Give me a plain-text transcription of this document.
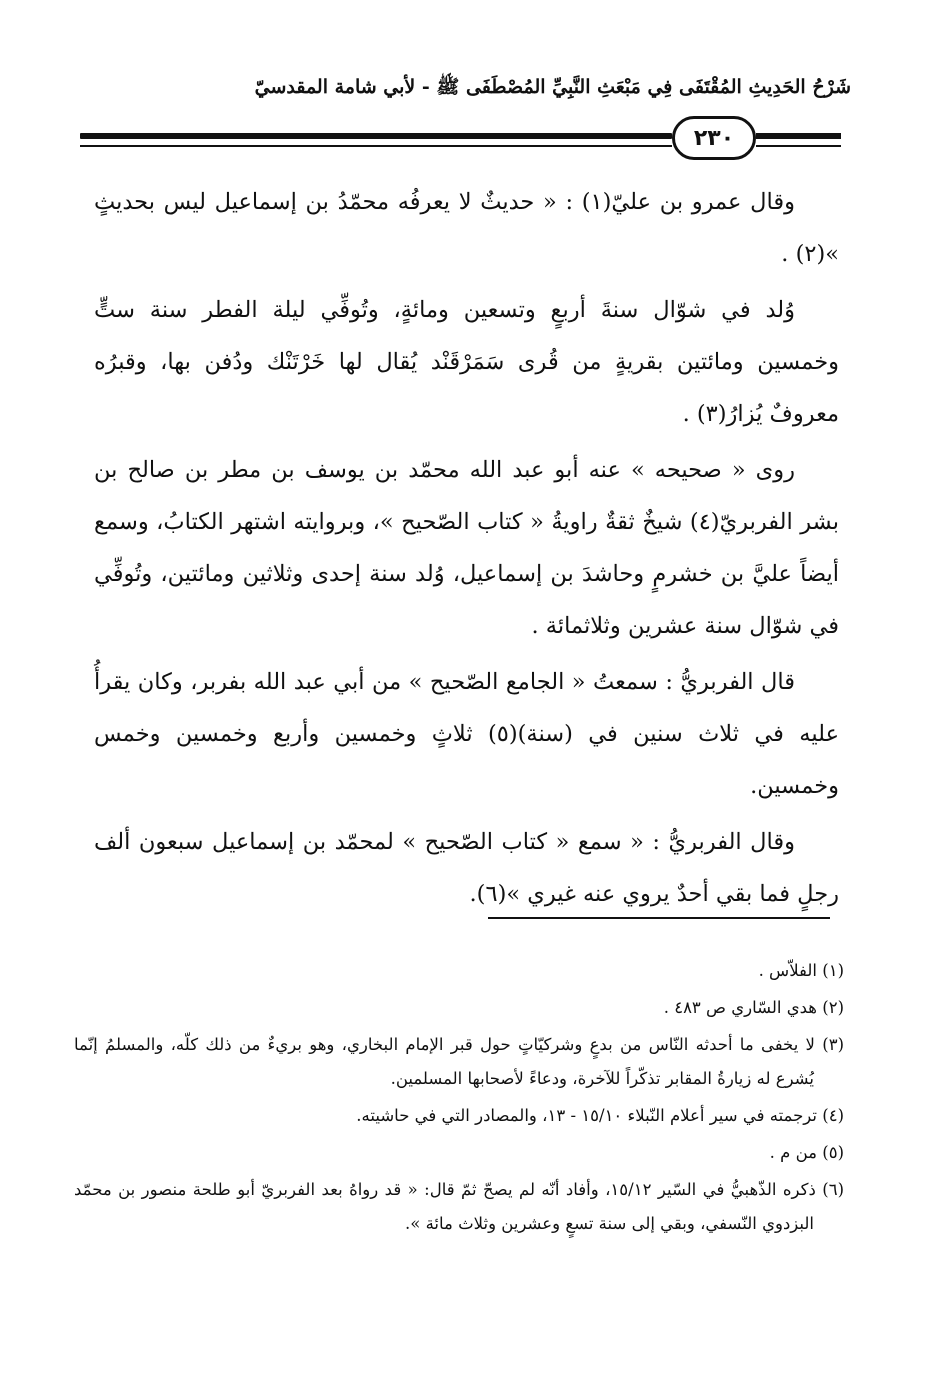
شَرْحُ الحَدِيثِ المُقْتَفَى فِي مَبْعَثِ النَّبِيِّ المُصْطَفَى ﷺ - لأبي شامة المقدسيّ
٢٣٠

وقال عمرو بن عليّ(١) : « حديثٌ لا يعرفُه محمّدُ بن إسماعيل ليس بحديثٍ »(٢) .

وُلد في شوّال سنةَ أربعٍ وتسعين ومائةٍ، وتُوفِّي ليلة الفطر سنة ستٍّ وخمسين ومائتين بقريةٍ من قُرى سَمَرْقَنْد يُقال لها خَرْتَنْك ودُفن بها، وقبرُه معروفٌ يُزارُ(٣) .

روى « صحيحه » عنه أبو عبد الله محمّد بن يوسف بن مطر بن صالح بن بشر الفربريّ(٤) شيخٌ ثقةٌ راويةُ « كتاب الصّحيح »، وبروايته اشتهر الكتابُ، وسمع أيضاً عليَّ بن خشرمٍ وحاشدَ بن إسماعيل، وُلد سنة إحدى وثلاثين ومائتين، وتُوفِّي في شوّال سنة عشرين وثلاثمائة .

قال الفربريُّ : سمعتُ « الجامع الصّحيح » من أبي عبد الله بفربر، وكان يقرأُ عليه في ثلاث سنين في (سنة)(٥) ثلاثٍ وخمسين وأربع وخمسين وخمس وخمسين.

وقال الفربريُّ : « سمع « كتاب الصّحيح » لمحمّد بن إسماعيل سبعون ألف رجلٍ فما بقي أحدٌ يروي عنه غيري »(٦).

(١) الفلاّس .

(٢) هدي السّاري ص ٤٨٣ .

(٣) لا يخفى ما أحدثه النّاس من بدعٍ وشركيّاتٍ حول قبر الإمام البخاري، وهو بريءٌ من ذلك كلّه، والمسلمُ إنّما يُشرع له زيارةُ المقابر تذكّراً للآخرة، ودعاءً لأصحابها المسلمين.

(٤) ترجمته في سير أعلام النّبلاء ١٥/١٠ - ١٣، والمصادر التي في حاشيته.

(٥) من م .

(٦) ذكره الذّهبيُّ في السّير ١٥/١٢، وأفاد أنّه لم يصحّ ثمّ قال: « قد رواهُ بعد الفربريّ أبو طلحة منصور بن محمّد البزدوي النّسفي، وبقي إلى سنة تسعٍ وعشرين وثلاث مائة ».
